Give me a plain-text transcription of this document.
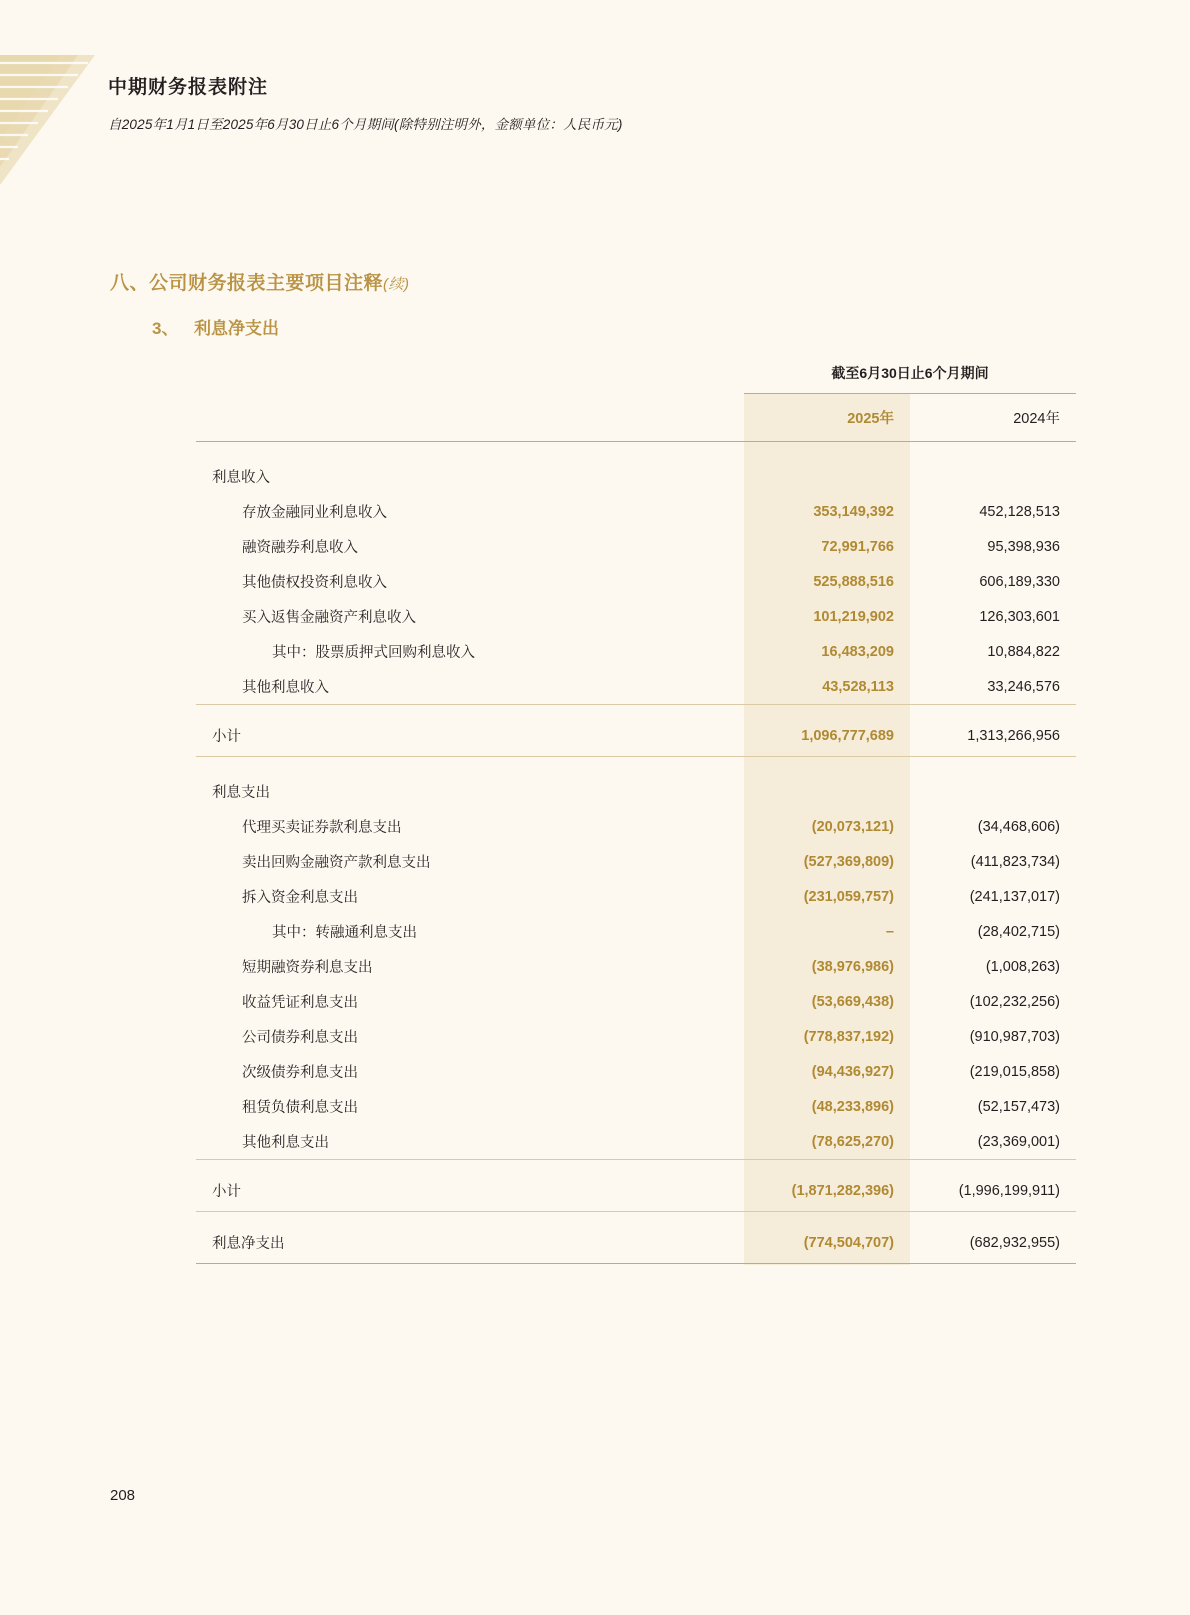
中期财务报表附注
自2025年1月1日至2025年6月30日止6个月期间(除特别注明外，金额单位：人民币元)
八、公司财务报表主要项目注释(续)
3、 利息净支出
	截至6月30日止6个月期间	
	2025年	2024年

利息收入		
存放金融同业利息收入	353,149,392	452,128,513
融资融券利息收入	72,991,766	95,398,936
其他债权投资利息收入	525,888,516	606,189,330
买入返售金融资产利息收入	101,219,902	126,303,601
其中：股票质押式回购利息收入	16,483,209	10,884,822
其他利息收入	43,528,113	33,246,576

小计	1,096,777,689	1,313,266,956

利息支出		
代理买卖证券款利息支出	(20,073,121)	(34,468,606)
卖出回购金融资产款利息支出	(527,369,809)	(411,823,734)
拆入资金利息支出	(231,059,757)	(241,137,017)
其中：转融通利息支出	–	(28,402,715)
短期融资券利息支出	(38,976,986)	(1,008,263)
收益凭证利息支出	(53,669,438)	(102,232,256)
公司债券利息支出	(778,837,192)	(910,987,703)
次级债券利息支出	(94,436,927)	(219,015,858)
租赁负债利息支出	(48,233,896)	(52,157,473)
其他利息支出	(78,625,270)	(23,369,001)

小计	(1,871,282,396)	(1,996,199,911)

利息净支出	(774,504,707)	(682,932,955)

208
